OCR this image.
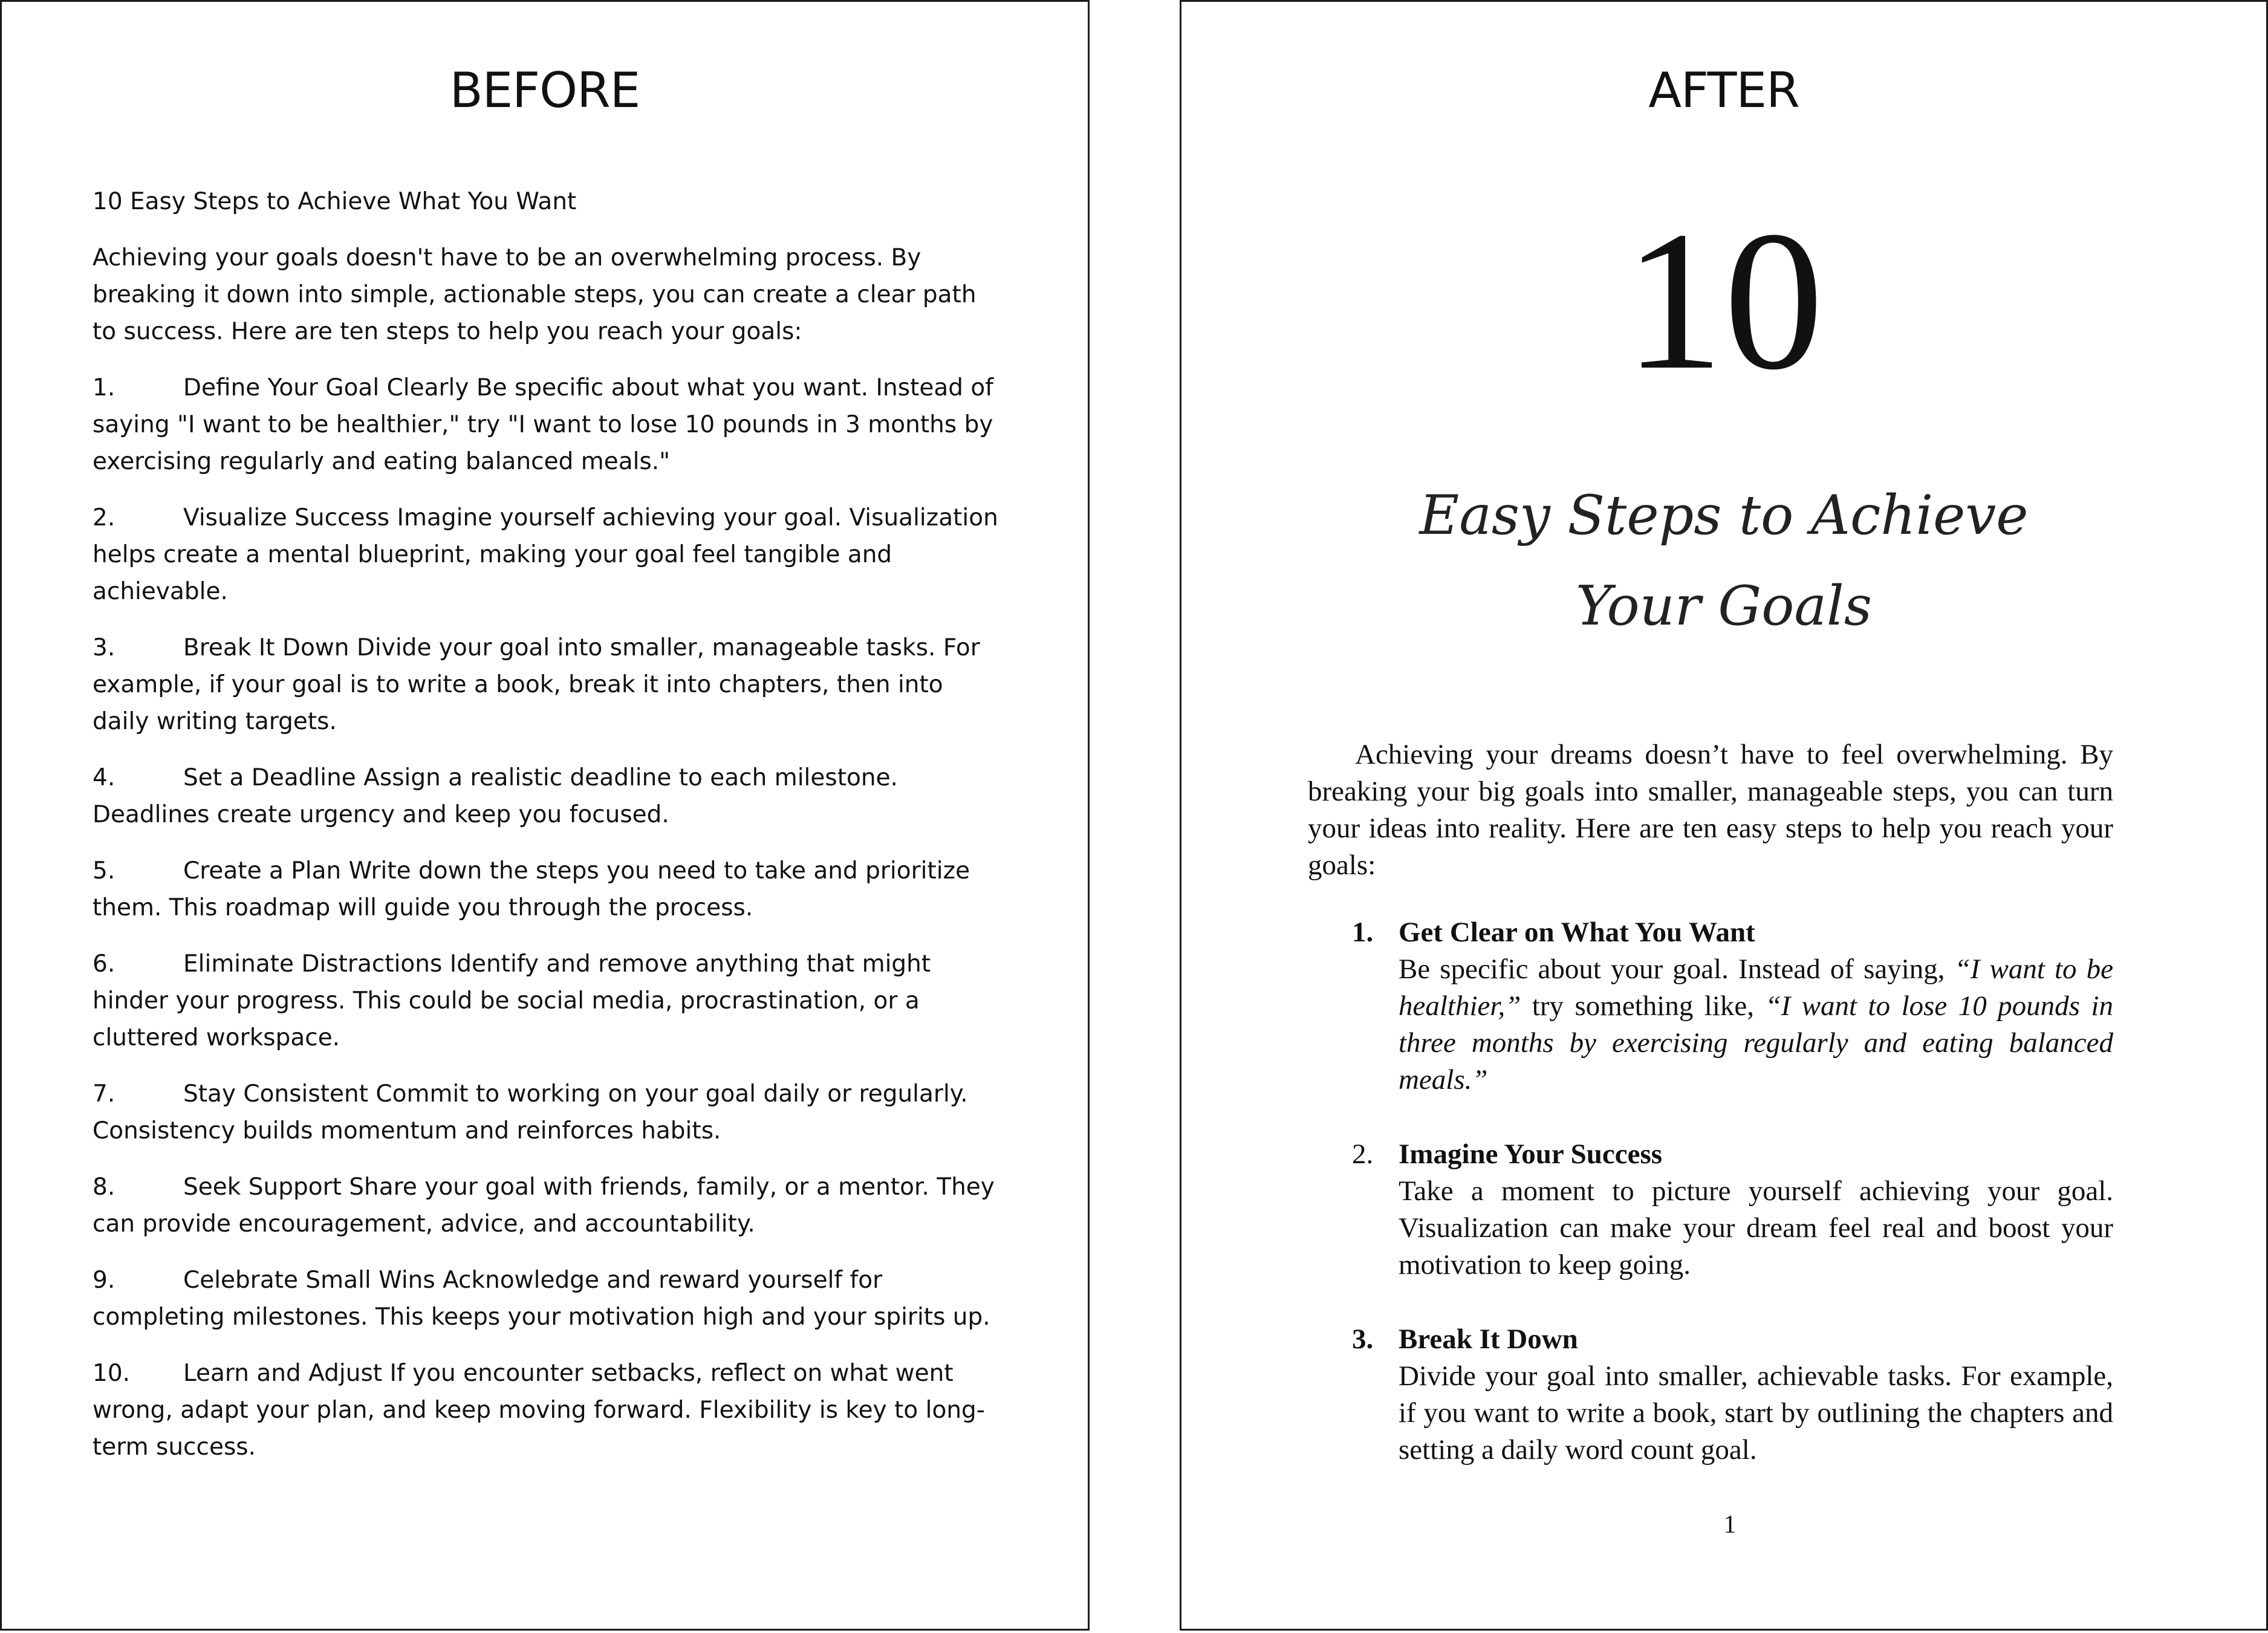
BEFORE

10 Easy Steps to Achieve What You Want

Achieving your goals doesn't have to be an overwhelming process. By breaking it down into simple, actionable steps, you can create a clear path to success. Here are ten steps to help you reach your goals:

1.	Define Your Goal Clearly Be specific about what you want. Instead of saying "I want to be healthier," try "I want to lose 10 pounds in 3 months by exercising regularly and eating balanced meals."

2.	Visualize Success Imagine yourself achieving your goal. Visualization helps create a mental blueprint, making your goal feel tangible and achievable.

3.	Break It Down Divide your goal into smaller, manageable tasks. For example, if your goal is to write a book, break it into chapters, then into daily writing targets.

4.	Set a Deadline Assign a realistic deadline to each milestone. Deadlines create urgency and keep you focused.

5.	Create a Plan Write down the steps you need to take and prioritize them. This roadmap will guide you through the process.

6.	Eliminate Distractions Identify and remove anything that might hinder your progress. This could be social media, procrastination, or a cluttered workspace.

7.	Stay Consistent Commit to working on your goal daily or regularly. Consistency builds momentum and reinforces habits.

8.	Seek Support Share your goal with friends, family, or a mentor. They can provide encouragement, advice, and accountability.

9.	Celebrate Small Wins Acknowledge and reward yourself for completing milestones. This keeps your motivation high and your spirits up.

10. Learn and Adjust If you encounter setbacks, reflect on what went wrong, adapt your plan, and keep moving forward. Flexibility is key to long-term success.

AFTER
10
Easy Steps to Achieve
Your Goals

Achieving your dreams doesn’t have to feel overwhelming. By breaking your big goals into smaller, manageable steps, you can turn your ideas into reality. Here are ten easy steps to help you reach your goals:

1. Get Clear on What You Want
Be specific about your goal. Instead of saying, “I want to be healthier,” try something like, “I want to lose 10 pounds in three months by exercising regularly and eating balanced meals.”
2. Imagine Your Success
Take a moment to picture yourself achieving your goal. Visualization can make your dream feel real and boost your motivation to keep going.
3. Break It Down
Divide your goal into smaller, achievable tasks. For example, if you want to write a book, start by outlining the chapters and setting a daily word count goal.
1
